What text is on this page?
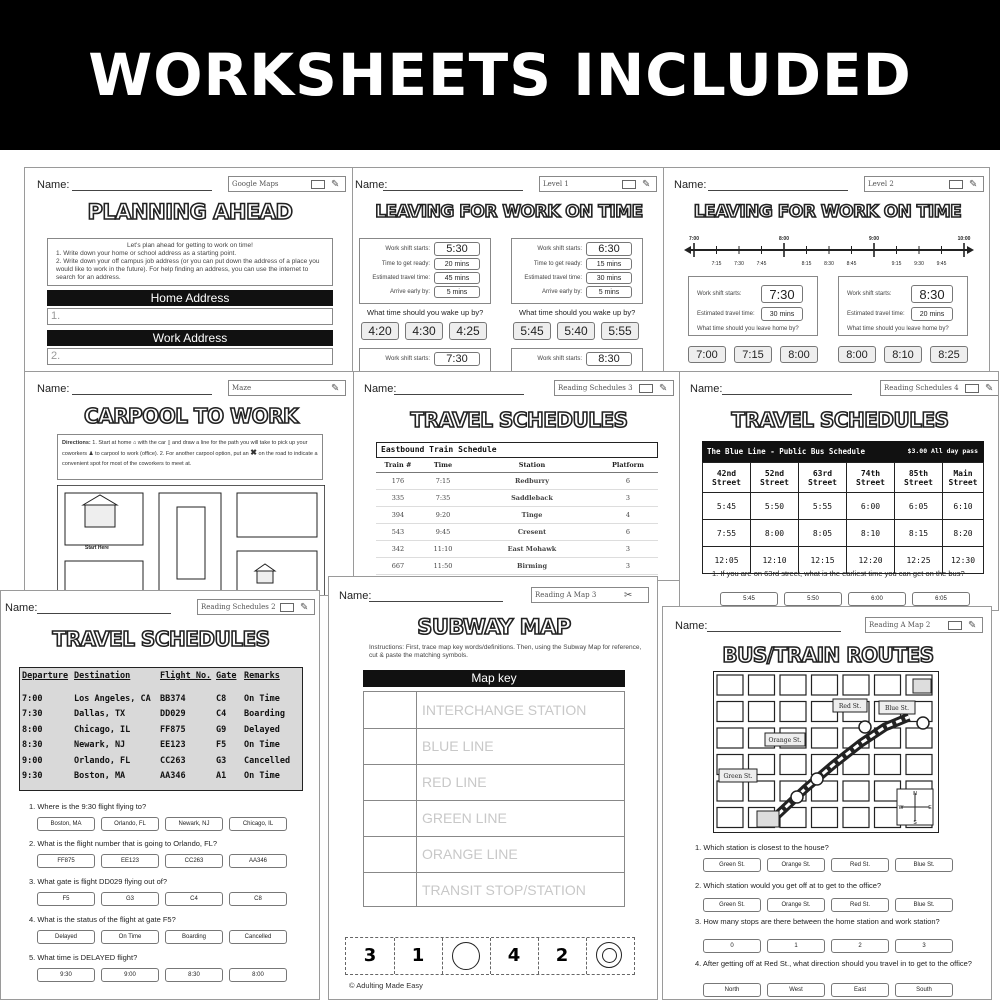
WORKSHEETS INCLUDED
Name:	Google Maps	✎
PLANNING AHEAD
Let's plan ahead for getting to work on time!
1. Write down your home or school address as a starting point.
2. Write down your off campus job address (or you can put down the address of a place you would like to work in the future). For help finding an address, you can use the internet to search for an address.
Home Address
1.
Work Address
2.
Name:	Level 1	✎
LEAVING FOR WORK ON TIME
Work shift starts:	5:30
Time to get ready:	20 mins
Estimated travel time:	45 mins
Arrive early by:	5 mins
What time should you wake up by?
4:20	4:30	4:25
Work shift starts:	6:30
Time to get ready:	15 mins
Estimated travel time:	30 mins
Arrive early by:	5 mins
What time should you wake up by?
5:45	5:40	5:55
Work shift starts:	7:30	Work shift starts:	8:30
Name:	Level 2	✎
LEAVING FOR WORK ON TIME
7:00
7:15	7:30	7:45
8:00
8:15	8:30	8:45
9:00
9:15	9:30	9:45
10:00
Work shift starts:	7:30
Estimated travel time:	30 mins
What time should you leave home by?
7:00	7:15	8:00
Work shift starts:	8:30
Estimated travel time:	20 mins
What time should you leave home by?
8:00	8:10	8:25
Name:	Maze	✎
CARPOOL TO WORK
Directions: 1. Start at home ⌂ with the car ▯ and draw a line for the path you will take to pick up your coworkers ♟ to carpool to work (office). 2. For another carpool option, put an ✖ on the road to indicate a convenient spot for most of the coworkers to meet at.
Start Here
Name:	Reading Schedules 3	✎
TRAVEL SCHEDULES
Eastbound Train Schedule
Train #	Time	Station	Platform
176	7:15	Redburry	6
335	7:35	Saddleback	3
394	9:20	Tinge	4
543	9:45	Cresent	6
342	11:10	East Mohawk	3
667	11:50	Birming	3
Name:	Reading Schedules 4	✎
TRAVEL SCHEDULES
The Blue Line - Public Bus Schedule	$3.00 All day pass
42nd Street	52nd Street	63rd Street	74th Street	85th Street	Main Street
5:45	5:50	5:55	6:00	6:05	6:10
7:55	8:00	8:05	8:10	8:15	8:20
12:05	12:10	12:15	12:20	12:25	12:30
1. If you are on 63rd street, what is the earliest time you can get on the bus?
5:45	5:50	6:00	6:05
Name:	Reading Schedules 2 ✎
TRAVEL SCHEDULES
Departure	Destination	Flight No.	Gate	Remarks
7:00	Los Angeles, CA	BB374	C8	On Time
7:30	Dallas, TX	DD029	C4	Boarding
8:00	Chicago, IL	FF875	G9	Delayed
8:30	Newark, NJ	EE123	F5	On Time
9:00	Orlando, FL	CC263	G3	Cancelled
9:30	Boston, MA	AA346	A1	On Time
1. Where is the 9:30 flight flying to?
Boston, MA	Orlando, FL	Newark, NJ	Chicago, IL
2. What is the flight number that is going to Orlando, FL?
FF875	EE123	CC263	AA346
3. What gate is flight DD029 flying out of?
F5	G3	C4	C8
4. What is the status of the flight at gate F5?
Delayed	On Time	Boarding	Cancelled
5. What time is DELAYED flight?
9:30	9:00	8:30	8:00
Name:	Reading A Map 3	✂
SUBWAY MAP
Instructions: First, trace map key words/definitions. Then, using the Subway Map for reference, cut & paste the matching symbols.
Map key
INTERCHANGE STATION
BLUE LINE
RED LINE
GREEN LINE
ORANGE LINE
TRANSIT STOP/STATION
3	1	4	2
© Adulting Made Easy
Name:	Reading A Map 2	✎
BUS/TRAIN ROUTES
Red St.	Blue St.
Orange St.
Green St.
N
W	E
S
1. Which station is closest to the house?
Green St.	Orange St.	Red St.	Blue St.
2. Which station would you get off at to get to the office?
Green St.	Orange St.	Red St.	Blue St.
3. How many stops are there between the home station and work station?
0	1	2	3
4. After getting off at Red St., what direction should you travel in to get to the office?
North	West	East	South
